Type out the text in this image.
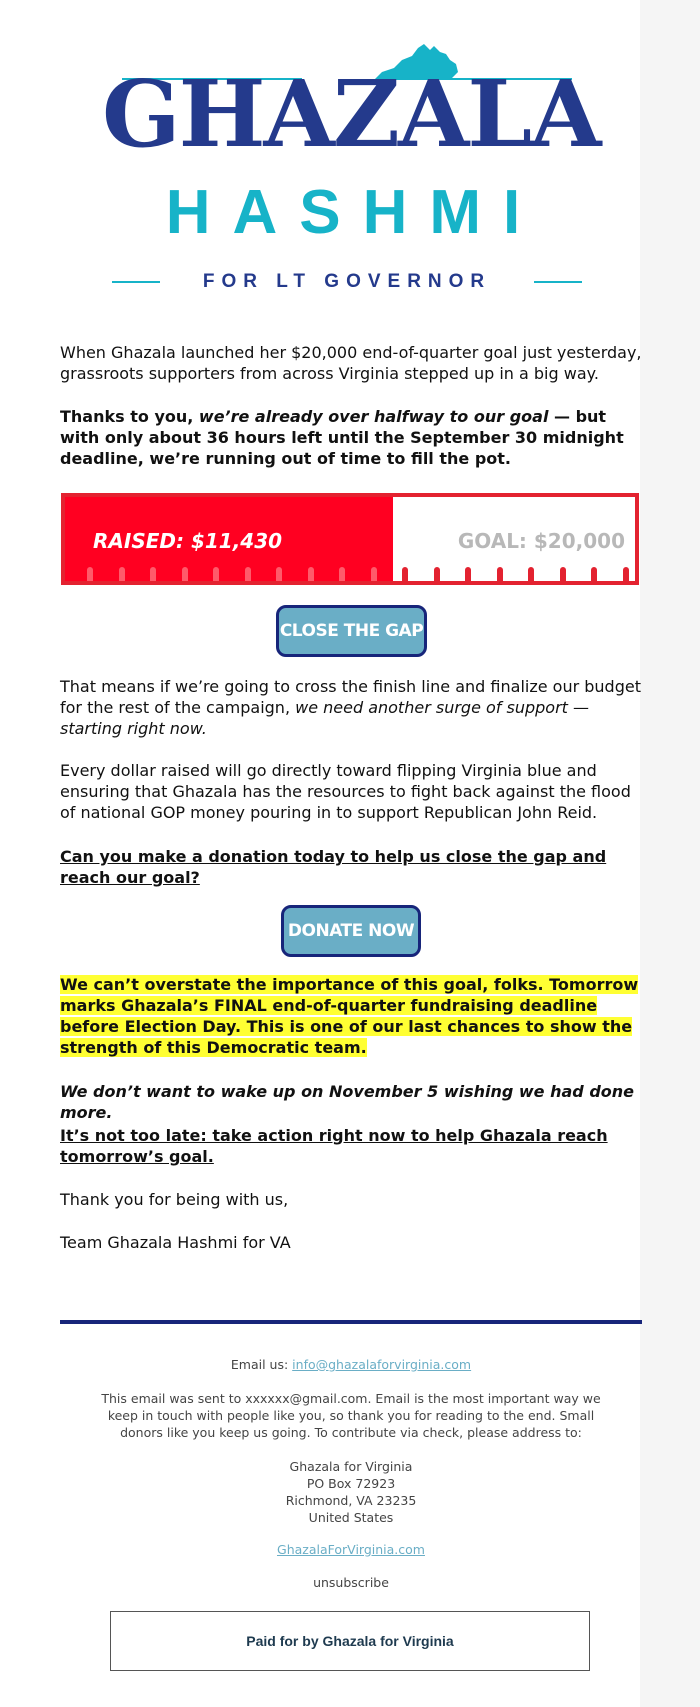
GHAZALA
HASHMI
FOR LT GOVERNOR

When Ghazala launched her $20,000 end-of-quarter goal just yesterday, grassroots supporters from across Virginia stepped up in a big way.

Thanks to you, we’re already over halfway to our goal — but with only about 36 hours left until the September 30 midnight deadline, we’re running out of time to fill the pot.

RAISED: $11,430	GOAL: $20,000
CLOSE THE GAP

That means if we’re going to cross the finish line and finalize our budget for the rest of the campaign, we need another surge of support — starting right now.

Every dollar raised will go directly toward flipping Virginia blue and ensuring that Ghazala has the resources to fight back against the flood of national GOP money pouring in to support Republican John Reid.

Can you make a donation today to help us close the gap and reach our goal?

DONATE NOW

We can’t overstate the importance of this goal, folks. Tomorrow marks Ghazala’s FINAL end-of-quarter fundraising deadline before Election Day. This is one of our last chances to show the strength of this Democratic team.

We don’t want to wake up on November 5 wishing we had done more.

It’s not too late: take action right now to help Ghazala reach tomorrow’s goal.

Thank you for being with us,

Team Ghazala Hashmi for VA

Email us: info@ghazalaforvirginia.com
This email was sent to xxxxxx@gmail.com. Email is the most important way we keep in touch with people like you, so thank you for reading to the end. Small donors like you keep us going. To contribute via check, please address to:
Ghazala for Virginia
PO Box 72923
Richmond, VA 23235
United States
GhazalaForVirginia.com
unsubscribe
Paid for by Ghazala for Virginia
